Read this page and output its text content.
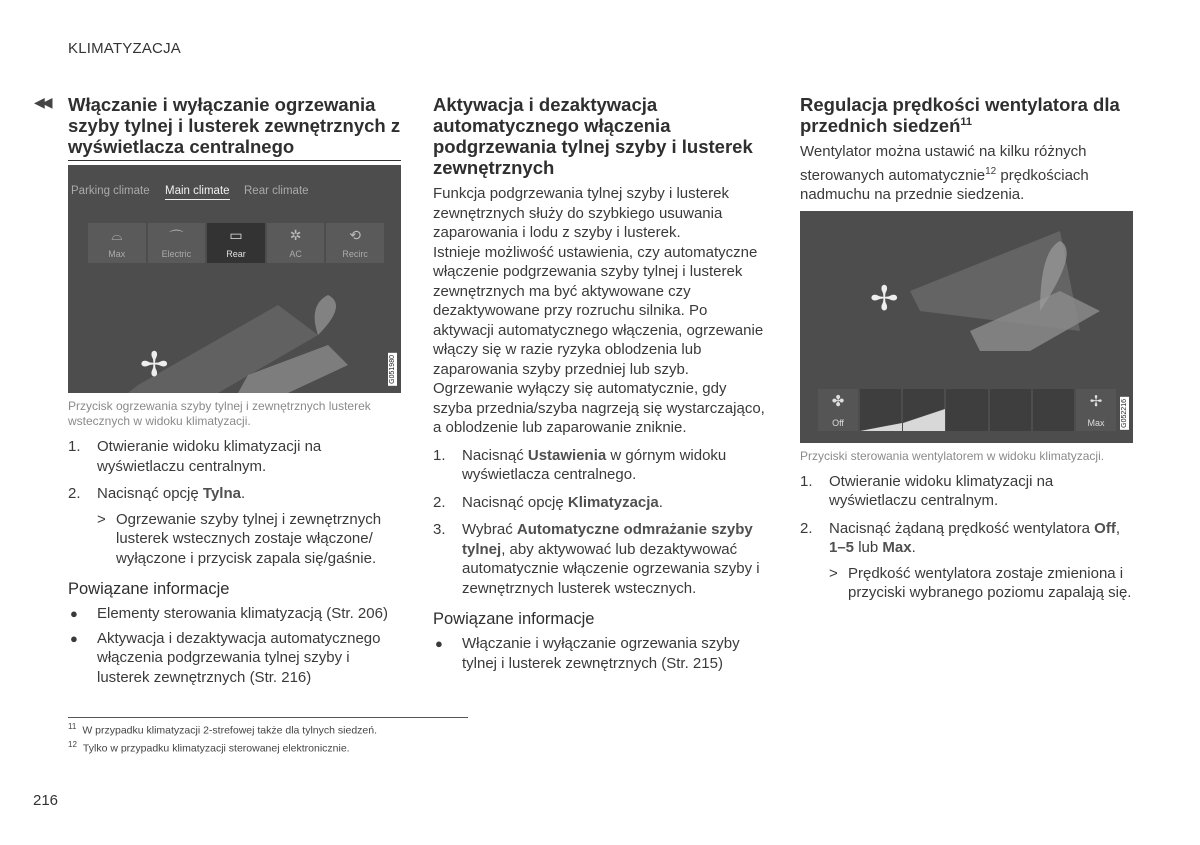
KLIMATYZACJA
◀◀ Włączanie i wyłączanie ogrzewania szyby tylnej i lusterek zewnętrznych z wyświetlacza centralnego
Parking climate Main climate Rear climate
⌓
Max
⌒
Electric
▭
Rear
✲
AC
⟲
Recirc
✢	G051980
Przycisk ogrzewania szyby tylnej i zewnętrznych lusterek wstecznych w widoku klimatyzacji.
1. Otwieranie widoku klimatyzacji na wyświetlaczu centralnym.
2. Nacisnąć opcję Tylna.
> Ogrzewanie szyby tylnej i zewnętrznych lusterek wstecznych zostaje włączone/ wyłączone i przycisk zapala się/gaśnie.
Powiązane informacje
● Elementy sterowania klimatyzacją (Str. 206)
● Aktywacja i dezaktywacja automatycznego włączenia podgrzewania tylnej szyby i lusterek zewnętrznych (Str. 216)
Aktywacja i dezaktywacja automatycznego włączenia podgrzewania tylnej szyby i lusterek zewnętrznych

Funkcja podgrzewania tylnej szyby i lusterek zewnętrznych służy do szybkiego usuwania zaparowania i lodu z szyby i lusterek.

Istnieje możliwość ustawienia, czy automatyczne włączenie podgrzewania szyby tylnej i lusterek zewnętrznych ma być aktywowane czy dezaktywowane przy rozruchu silnika. Po aktywacji automatycznego włączenia, ogrzewanie włączy się w razie ryzyka oblodzenia lub zaparowania szyby przedniej lub szyb. Ogrzewanie wyłączy się automatycznie, gdy szyba przednia/szyba nagrzeją się wystarczająco, a oblodzenie lub zaparowanie zniknie.

1. Nacisnąć Ustawienia w górnym widoku wyświetlacza centralnego.
2. Nacisnąć opcję Klimatyzacja.
3. Wybrać Automatyczne odmrażanie szyby tylnej, aby aktywować lub dezaktywować automatycznie włączenie ogrzewania szyby i zewnętrznych lusterek wstecznych.
Powiązane informacje
● Włączanie i wyłączanie ogrzewania szyby tylnej i lusterek zewnętrznych (Str. 215)
Regulacja prędkości wentylatora dla przednich siedzeń$^{11}$

Wentylator można ustawić na kilku różnych sterowanych automatycznie$^{12}$ prędkościach nadmuchu na przednie siedzenia.

✢
✤
Off
✢
Max	G052216
Przyciski sterowania wentylatorem w widoku klimatyzacji.
1. Otwieranie widoku klimatyzacji na wyświetlaczu centralnym.
2. Nacisnąć żądaną prędkość wentylatora Off, 1–5 lub Max.
> Prędkość wentylatora zostaje zmieniona i przyciski wybranego poziomu zapalają się.
$^{11}$ W przypadku klimatyzacji 2-strefowej także dla tylnych siedzeń.
$^{12}$ Tylko w przypadku klimatyzacji sterowanej elektronicznie.
216
